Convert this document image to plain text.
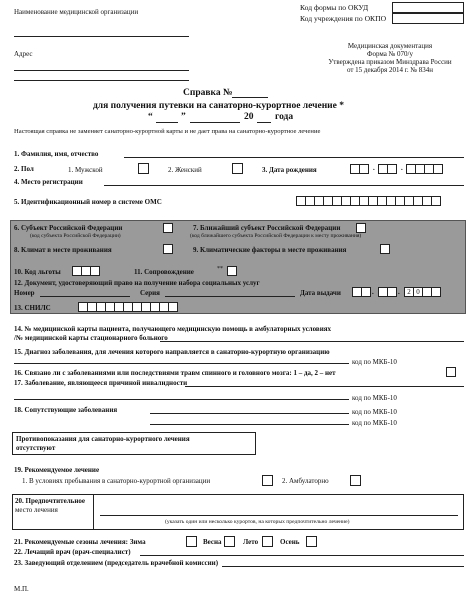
Наименование медицинской организации
Адрес
Код формы по ОКУД
Код учреждения по ОКПО
Медицинская документация
Форма № 070/у
Утверждена приказом Минздрава России
от 15 декабря 2014 г. № 834н
Справка №
для получения путевки на санаторно-курортное лечение *
“	”	20 года
Настоящая справка не заменяет санаторно-курортной карты и не дает права на санаторно-курортное лечение
1. Фамилия, имя, отчество
2. Пол	1. Мужской	2. Женский	3. Дата рождения	.	.
4. Место регистрации
5. Идентификационный номер в системе ОМС
6. Субъект Российской Федерации
(код субъекта Российской Федерации)
7. Ближайший субъект Российской Федерации
(код ближайшего субъекта Российской Федерации к месту проживания)
8. Климат в месте проживания	9. Климатические факторы в месте проживания
10. Код льготы	11. Сопровождение	**
12. Документ, удостоверяющий право на получение набора социальных услуг
Номер	Серия	Дата выдачи	.	.	2 0
13. СНИЛС
14. № медицинской карты пациента, получающего медицинскую помощь в амбулаторных условиях
/№ медицинской карты стационарного больного
15. Диагноз заболевания, для лечения которого направляется в санаторно-курортную организацию
код по МКБ-10
16. Связано ли с заболеваниями или последствиями травм спинного и головного мозга: 1 – да, 2 – нет
17. Заболевание, являющееся причиной инвалидности
код по МКБ-10
18. Сопутствующие заболевания	код по МКБ-10
код по МКБ-10
Противопоказания для санаторно-курортного лечения
отсутствуют
19. Рекомендуемое лечение
1. В условиях пребывания в санаторно-курортной организации	2. Амбулаторно
20. Предпочтительное
место лечения
(указать один или несколько курортов, на которых предпочтительно лечение)
21. Рекомендуемые сезоны лечения: Зима	Весна	Лето	Осень
22. Лечащий врач (врач-специалист)
23. Заведующий отделением (председатель врачебной комиссии)
М.П.
